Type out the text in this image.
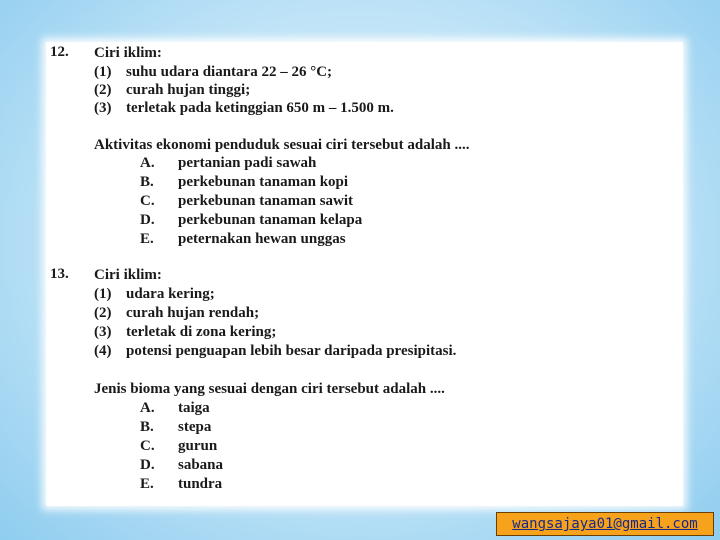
12. Ciri iklim:
(1) suhu udara diantara 22 – 26 °C;
(2) curah hujan tinggi;
(3) terletak pada ketinggian 650 m – 1.500 m.
Aktivitas ekonomi penduduk sesuai ciri tersebut adalah ....
A. pertanian padi sawah
B. perkebunan tanaman kopi
C. perkebunan tanaman sawit
D. perkebunan tanaman kelapa
E. peternakan hewan unggas
13. Ciri iklim:
(1) udara kering;
(2) curah hujan rendah;
(3) terletak di zona kering;
(4) potensi penguapan lebih besar daripada presipitasi.
Jenis bioma yang sesuai dengan ciri tersebut adalah ....
A. taiga
B. stepa
C. gurun
D. sabana
E. tundra
wangsajaya01@gmail.com
